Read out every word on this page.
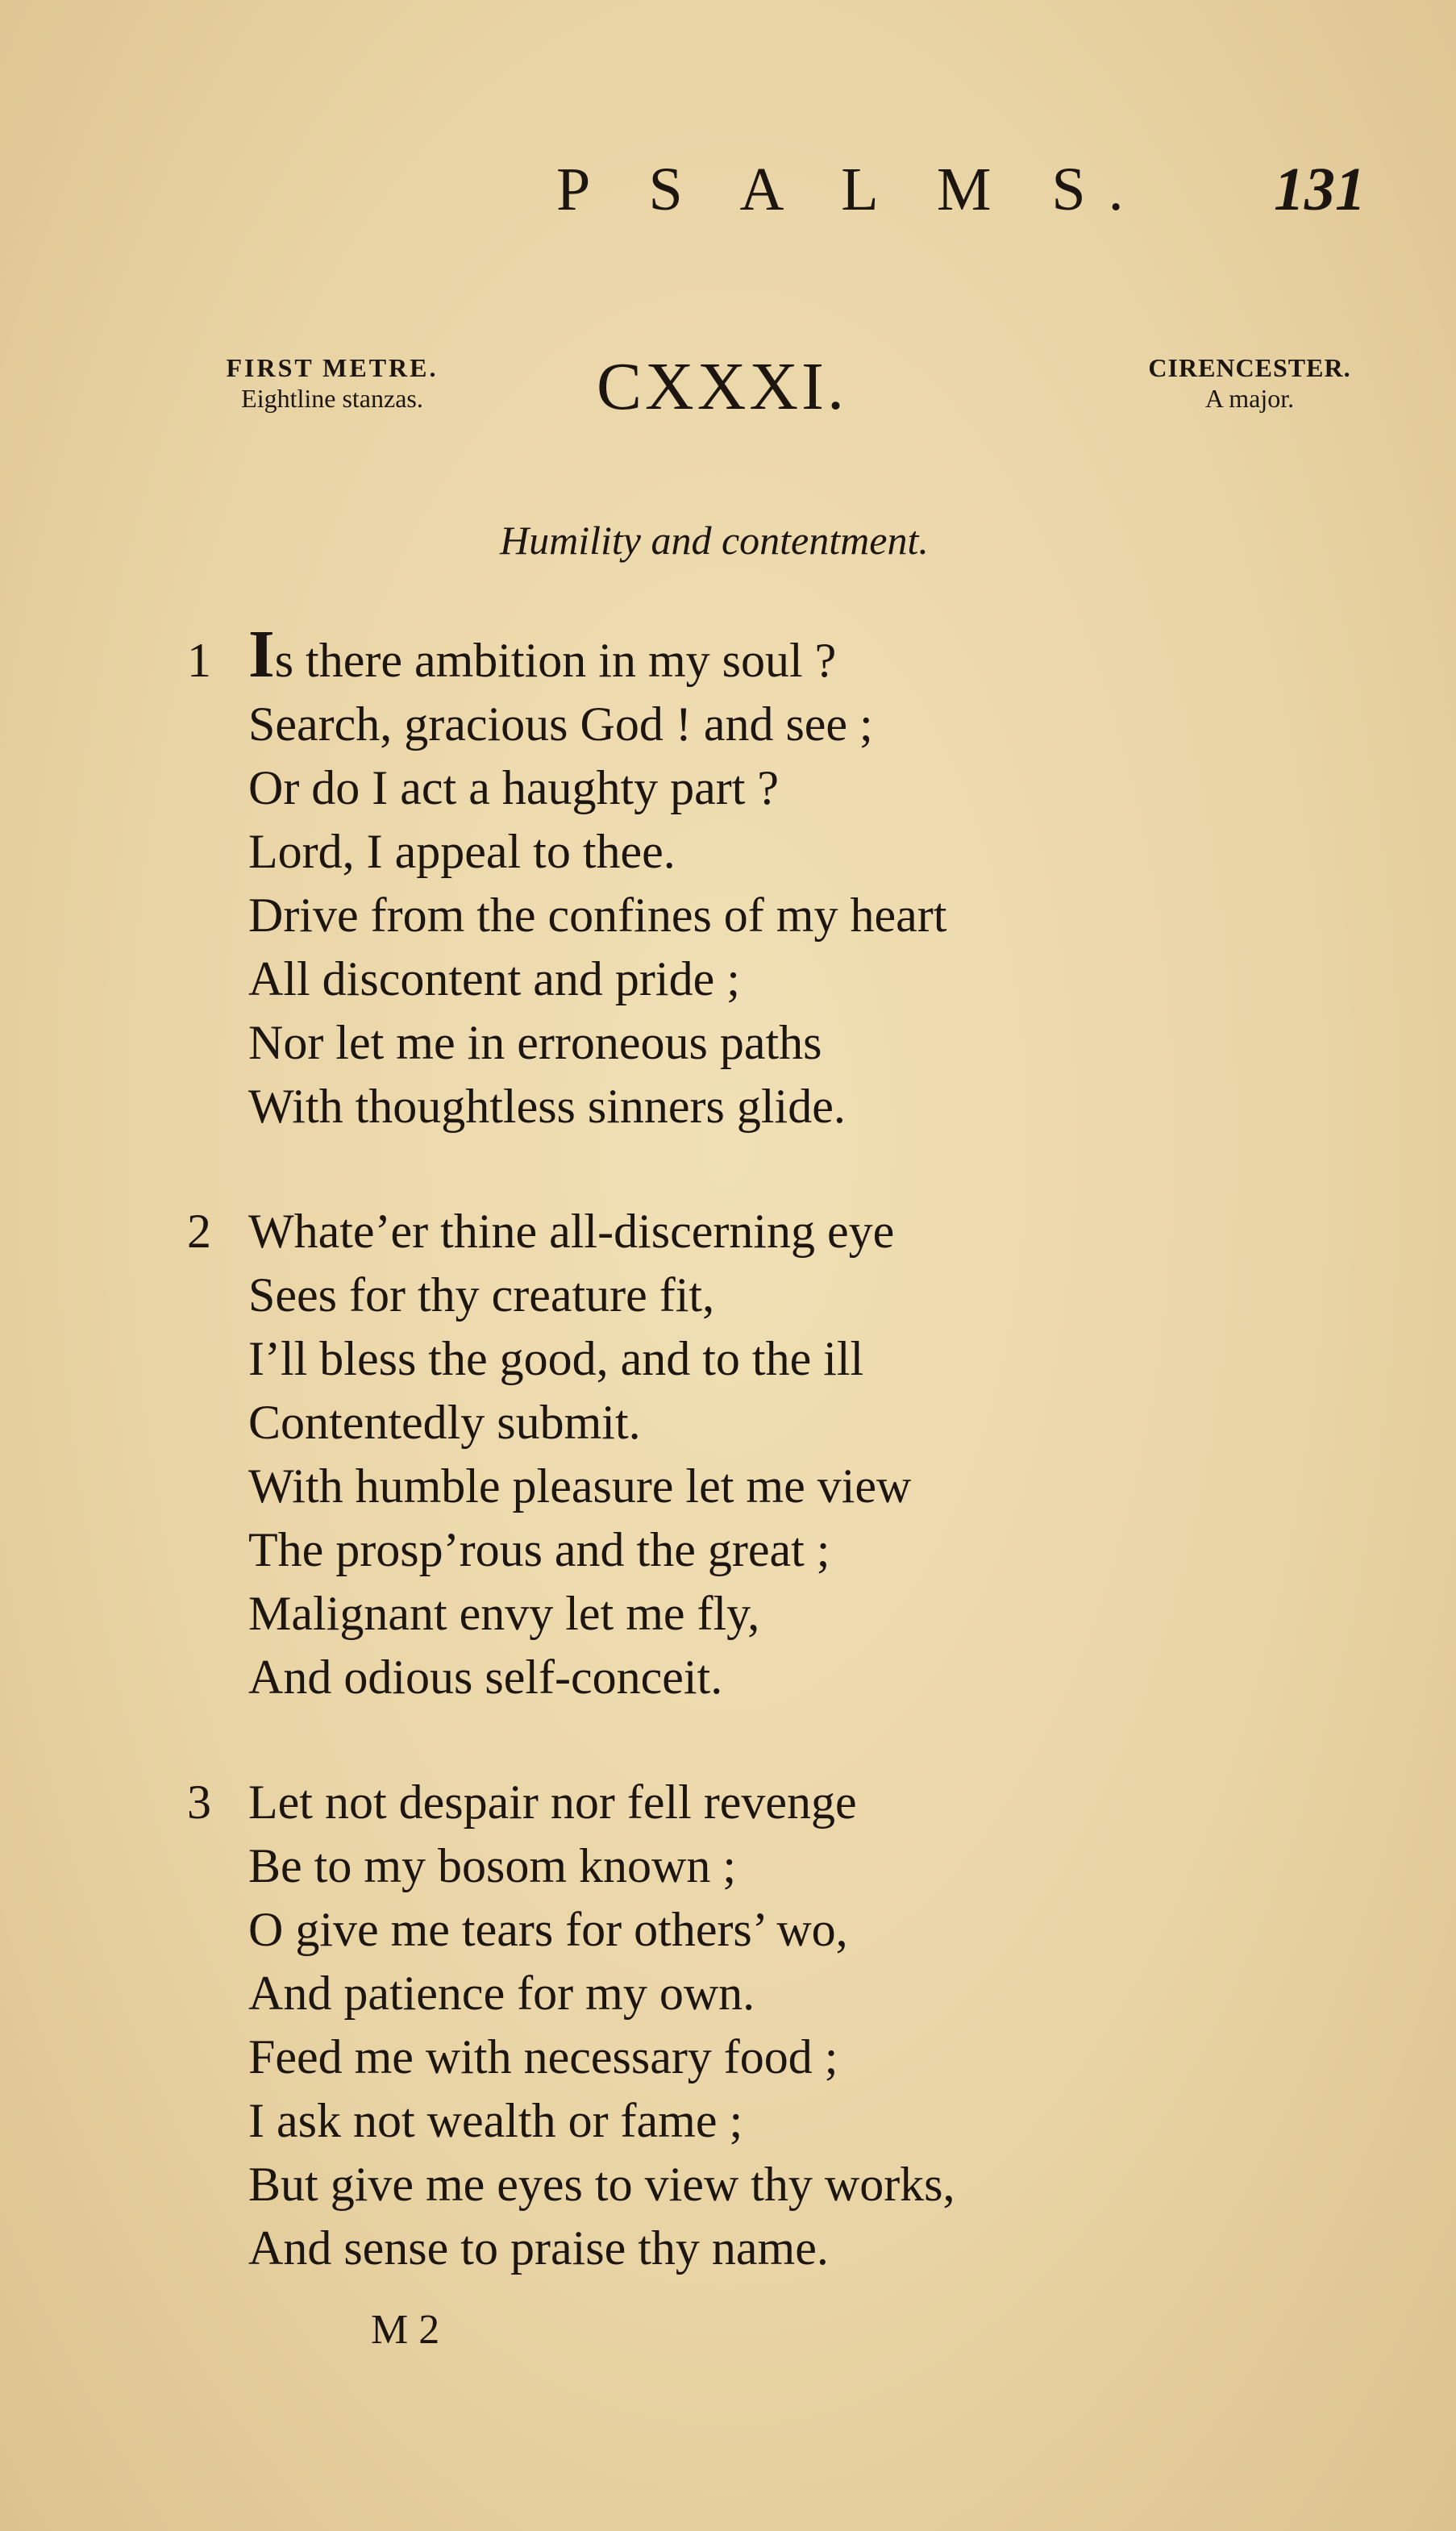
P S A L M S. 131
FIRST METRE.
Eightline stanzas.	CXXXI.	CIRENCESTER.
A major.
Humility and contentment.
1 Is there ambition in my soul ?
Search, gracious God ! and see ;
Or do I act a haughty part ?
Lord, I appeal to thee.
Drive from the confines of my heart
All discontent and pride ;
Nor let me in erroneous paths
With thoughtless sinners glide.
2 Whate’er thine all-discerning eye
Sees for thy creature fit,
I’ll bless the good, and to the ill
Contentedly submit.
With humble pleasure let me view
The prosp’rous and the great ;
Malignant envy let me fly,
And odious self-conceit.
3 Let not despair nor fell revenge
Be to my bosom known ;
O give me tears for others’ wo,
And patience for my own.
Feed me with necessary food ;
I ask not wealth or fame ;
But give me eyes to view thy works,
And sense to praise thy name.
M 2
